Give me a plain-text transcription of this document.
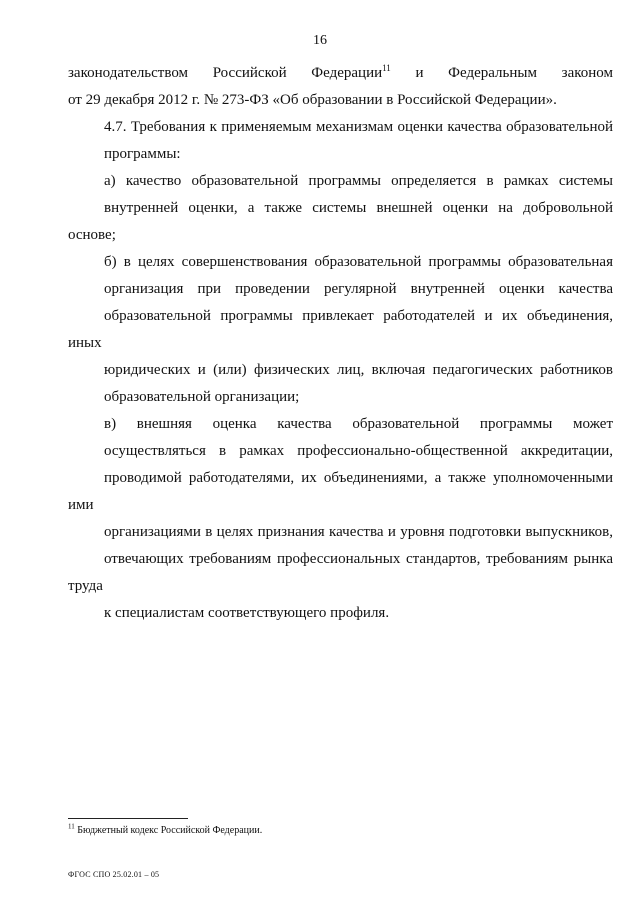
16

законодательством Российской Федерации$^{11}$ и Федеральным законом
от 29 декабря 2012 г. № 273-ФЗ «Об образовании в Российской Федерации».

4.7. Требования к применяемым механизмам оценки качества образовательной
программы:

а) качество образовательной программы определяется в рамках системы
внутренней оценки, а также системы внешней оценки на добровольной основе;

б) в целях совершенствования образовательной программы образовательная
организация при проведении регулярной внутренней оценки качества
образовательной программы привлекает работодателей и их объединения, иных
юридических и (или) физических лиц, включая педагогических работников
образовательной организации;

в) внешняя оценка качества образовательной программы может
осуществляться в рамках профессионально-общественной аккредитации,
проводимой работодателями, их объединениями, а также уполномоченными ими
организациями в целях признания качества и уровня подготовки выпускников,
отвечающих требованиям профессиональных стандартов, требованиям рынка труда
к специалистам соответствующего профиля.

$^{11}$ Бюджетный кодекс Российской Федерации.
ФГОС СПО 25.02.01 – 05
